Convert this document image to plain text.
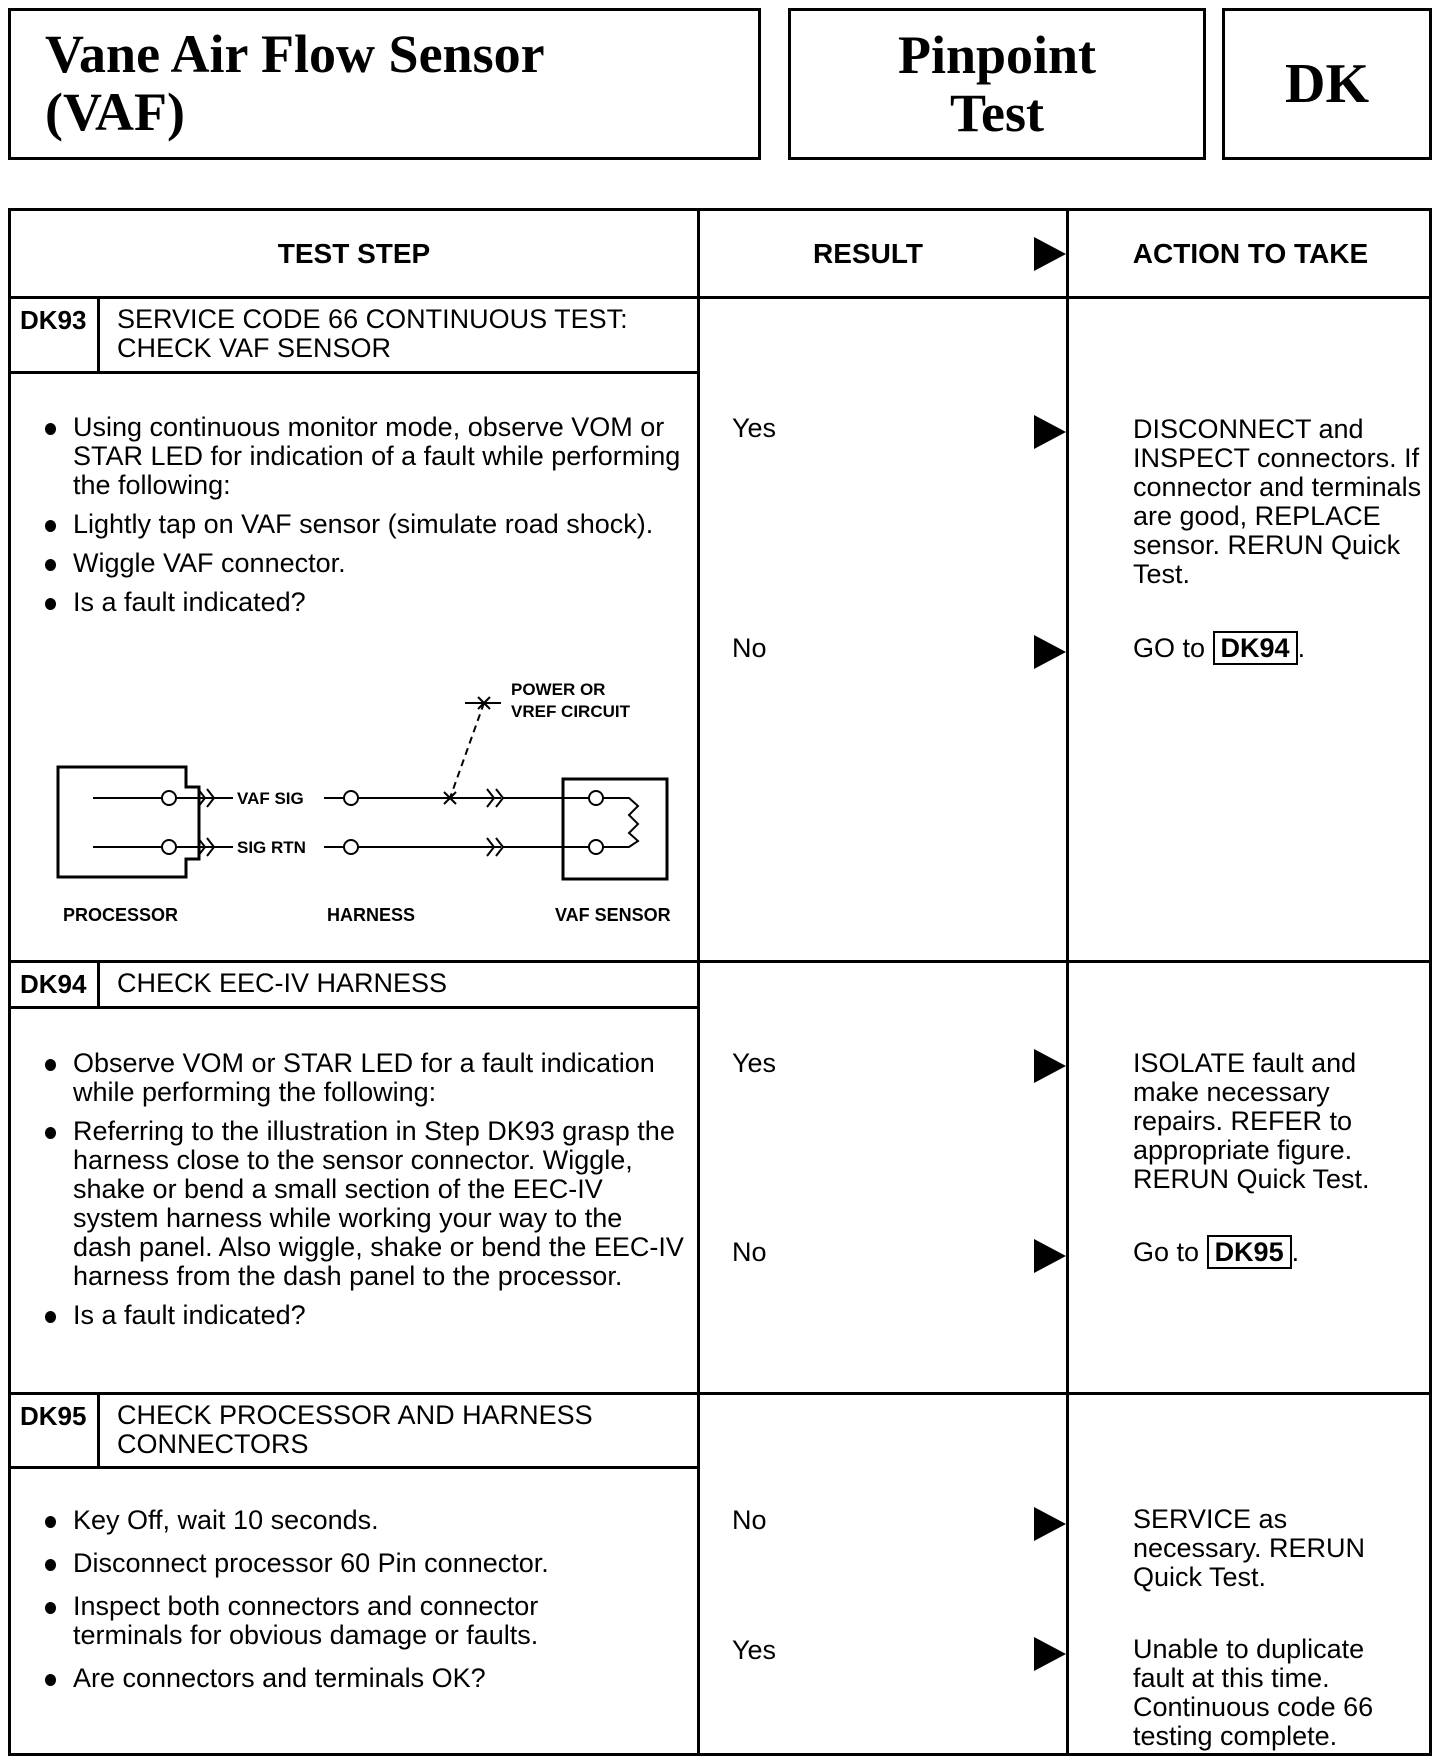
Vane Air Flow Sensor
(VAF)
Pinpoint
Test	DK
TEST STEP	RESULT	ACTION TO TAKE
DK93 SERVICE CODE 66 CONTINUOUS TEST:
CHECK VAF SENSOR
Using continuous monitor mode, observe VOM or STAR LED for indication of a fault while performing the following:
Lightly tap on VAF sensor (simulate road shock).
Wiggle VAF connector.
Is a fault indicated?
POWER OR
VREF CIRCUIT
VAF SIG
SIG RTN
PROCESSOR	HARNESS	VAF SENSOR
Yes	DISCONNECT and INSPECT connectors. If connector and terminals are good, REPLACE sensor. RERUN Quick Test.
No	GO to DK94 .
DK94 CHECK EEC-IV HARNESS
Observe VOM or STAR LED for a fault indication while performing the following:
Referring to the illustration in Step DK93 grasp the harness close to the sensor connector. Wiggle, shake or bend a small section of the EEC-IV system harness while working your way to the dash panel. Also wiggle, shake or bend the EEC-IV harness from the dash panel to the processor.
Is a fault indicated?
Yes	ISOLATE fault and make necessary repairs. REFER to appropriate figure. RERUN Quick Test.
No	Go to DK95 .
DK95 CHECK PROCESSOR AND HARNESS
CONNECTORS
Key Off, wait 10 seconds.
Disconnect processor 60 Pin connector.
Inspect both connectors and connector terminals for obvious damage or faults.
Are connectors and terminals OK?
No	SERVICE as necessary. RERUN Quick Test.
Yes	Unable to duplicate fault at this time. Continuous code 66 testing complete.
